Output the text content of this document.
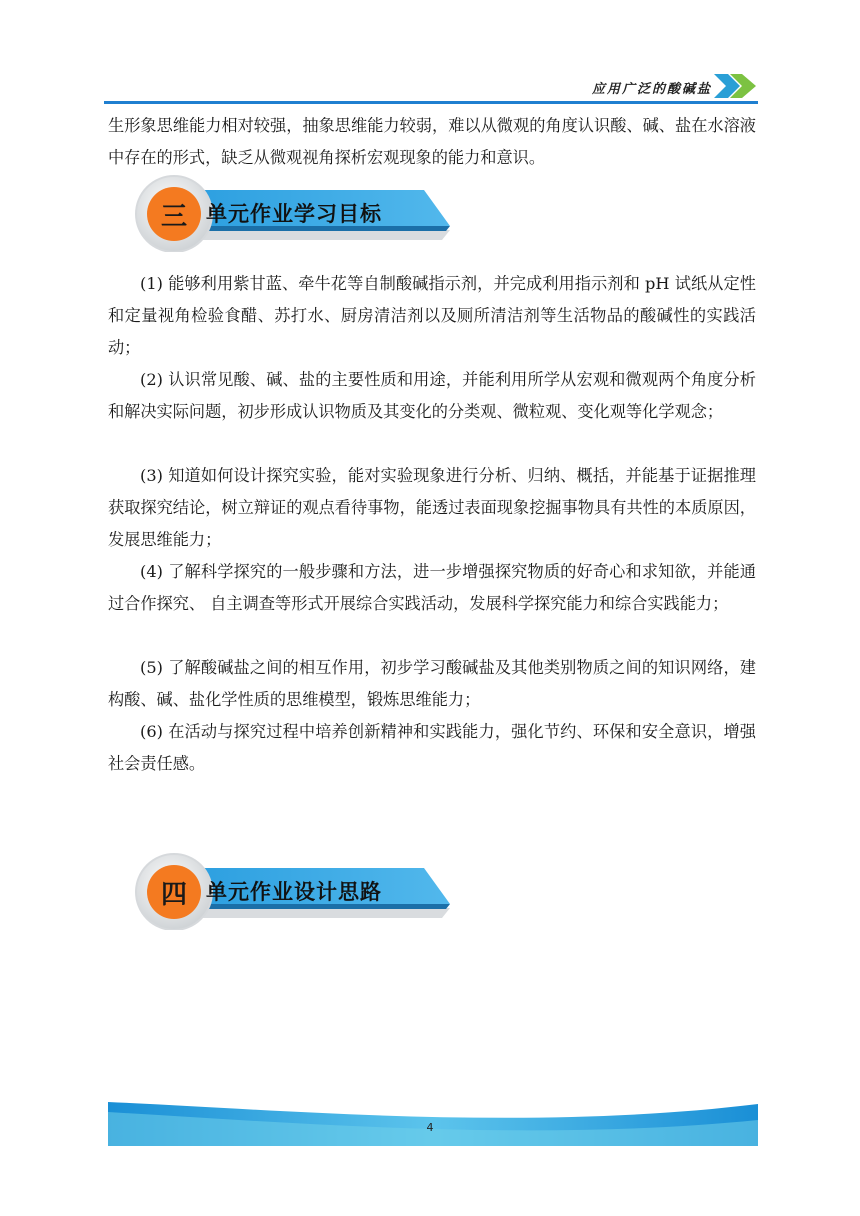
应用广泛的酸碱盐

生形象思维能力相对较强，抽象思维能力较弱，难以从微观的角度认识酸、碱、盐在水溶液中存在的形式，缺乏从微观视角探析宏观现象的能力和意识。

三 单元作业学习目标

(1) 能够利用紫甘蓝、牵牛花等自制酸碱指示剂，并完成利用指示剂和 pH 试纸从定性和定量视角检验食醋、苏打水、厨房清洁剂以及厕所清洁剂等生活物品的酸碱性的实践活动；

(2) 认识常见酸、碱、盐的主要性质和用途，并能利用所学从宏观和微观两个角度分析和解决实际问题，初步形成认识物质及其变化的分类观、微粒观、变化观等化学观念；

(3) 知道如何设计探究实验，能对实验现象进行分析、归纳、概括，并能基于证据推理获取探究结论，树立辩证的观点看待事物，能透过表面现象挖掘事物具有共性的本质原因，发展思维能力；

(4) 了解科学探究的一般步骤和方法，进一步增强探究物质的好奇心和求知欲，并能通过合作探究、 自主调查等形式开展综合实践活动，发展科学探究能力和综合实践能力；

(5) 了解酸碱盐之间的相互作用，初步学习酸碱盐及其他类别物质之间的知识网络，建构酸、碱、盐化学性质的思维模型，锻炼思维能力；

(6) 在活动与探究过程中培养创新精神和实践能力，强化节约、环保和安全意识，增强社会责任感。

四 单元作业设计思路
4
